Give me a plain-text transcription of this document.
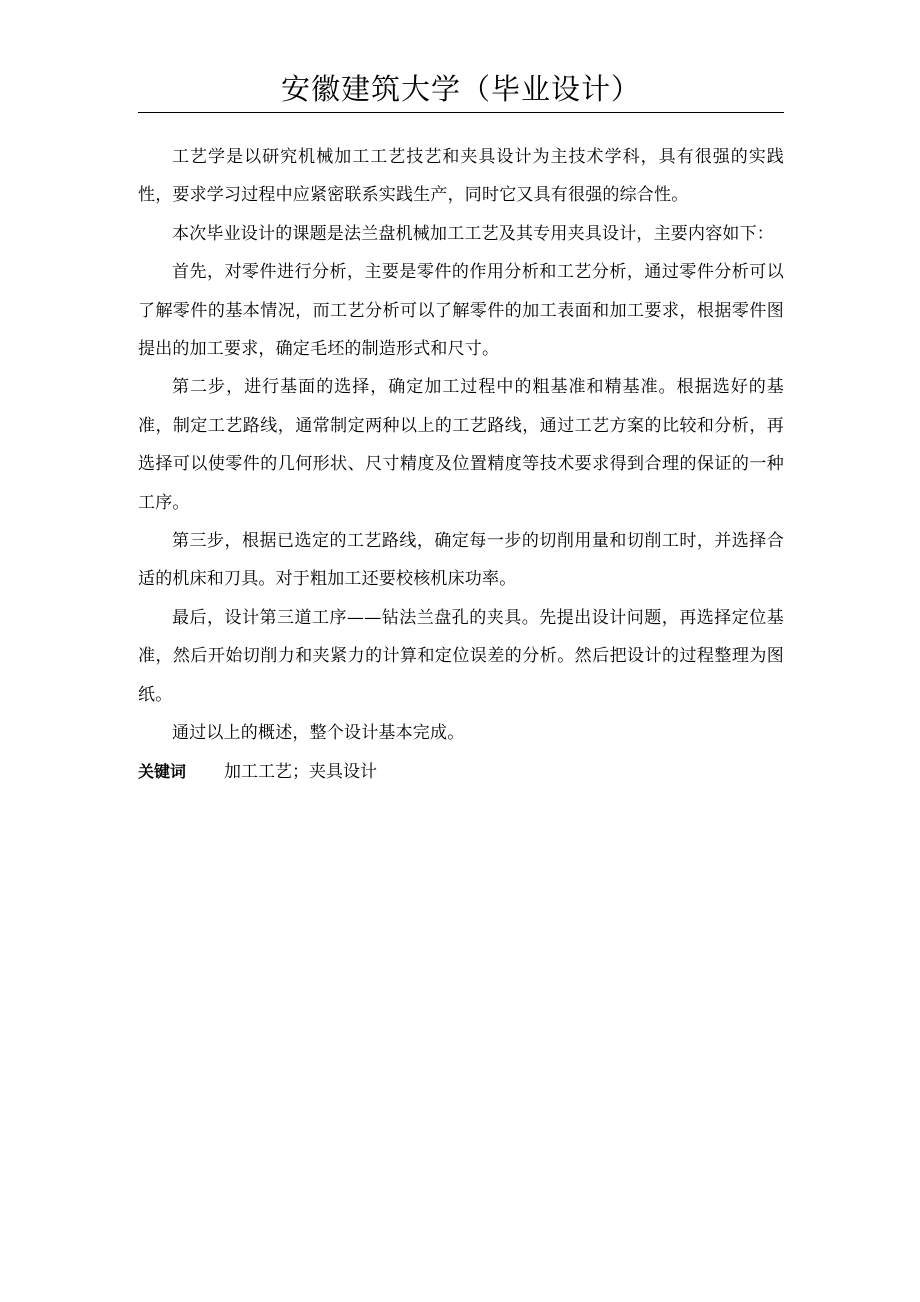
安徽建筑大学（毕业设计）

工艺学是以研究机械加工工艺技艺和夹具设计为主技术学科，具有很强的实践性，要求学习过程中应紧密联系实践生产，同时它又具有很强的综合性。

本次毕业设计的课题是法兰盘机械加工工艺及其专用夹具设计，主要内容如下：

首先，对零件进行分析，主要是零件的作用分析和工艺分析，通过零件分析可以了解零件的基本情况，而工艺分析可以了解零件的加工表面和加工要求，根据零件图提出的加工要求，确定毛坯的制造形式和尺寸。

第二步，进行基面的选择，确定加工过程中的粗基准和精基准。根据选好的基准，制定工艺路线，通常制定两种以上的工艺路线，通过工艺方案的比较和分析，再选择可以使零件的几何形状、尺寸精度及位置精度等技术要求得到合理的保证的一种工序。

第三步，根据已选定的工艺路线，确定每一步的切削用量和切削工时，并选择合适的机床和刀具。对于粗加工还要校核机床功率。

最后，设计第三道工序——钻法兰盘孔的夹具。先提出设计问题，再选择定位基准，然后开始切削力和夹紧力的计算和定位误差的分析。然后把设计的过程整理为图纸。

通过以上的概述，整个设计基本完成。

关键词 加工工艺；夹具设计
